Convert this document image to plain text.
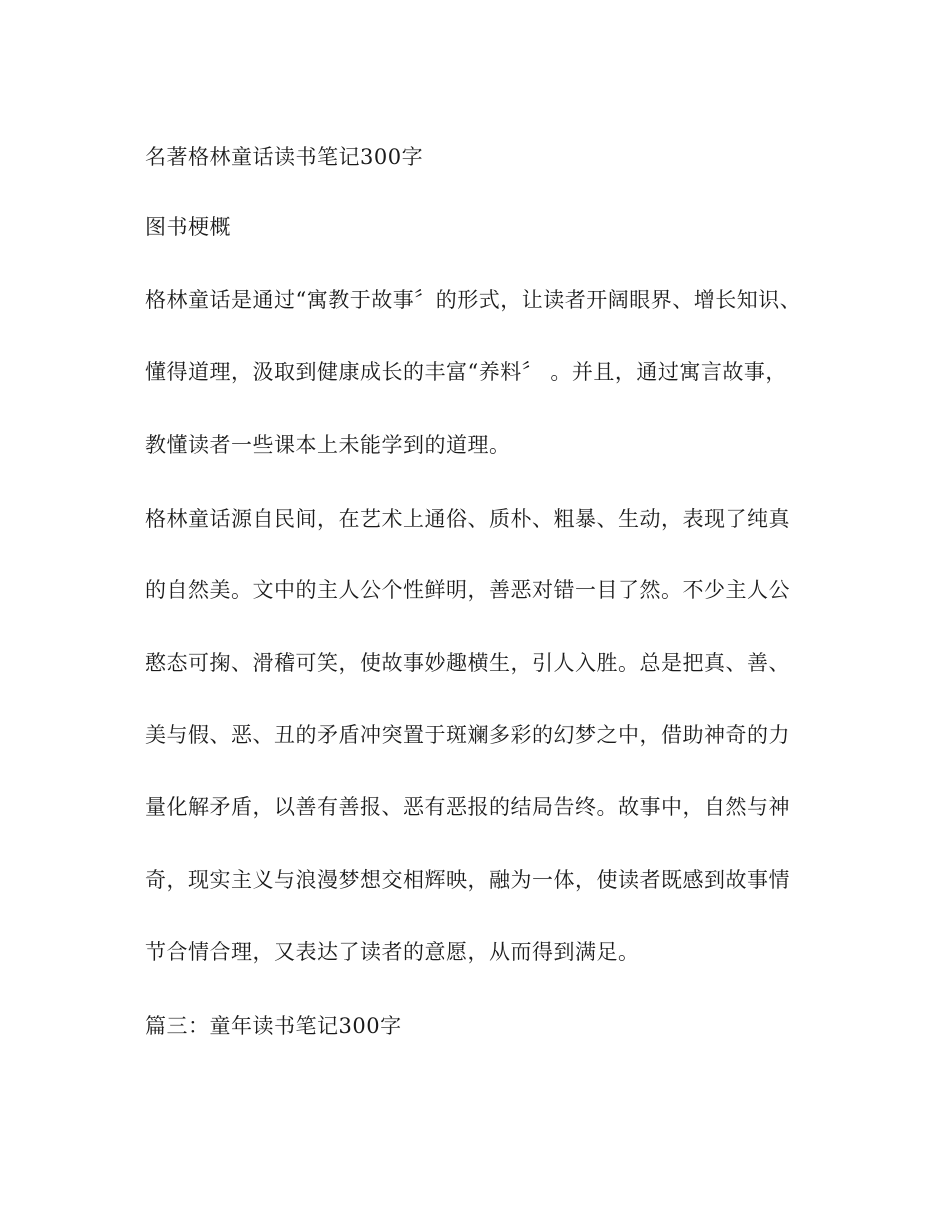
名著格林童话读书笔记300字
图书梗概
格林童话是通过“寓教于故事〞的形式，让读者开阔眼界、增长知识、
懂得道理，汲取到健康成长的丰富“养料〞 。并且，通过寓言故事，
教懂读者一些课本上未能学到的道理。
格林童话源自民间，在艺术上通俗、质朴、粗暴、生动，表现了纯真
的自然美。文中的主人公个性鲜明，善恶对错一目了然。不少主人公
憨态可掬、滑稽可笑，使故事妙趣横生，引人入胜。总是把真、善、
美与假、恶、丑的矛盾冲突置于斑斓多彩的幻梦之中，借助神奇的力
量化解矛盾，以善有善报、恶有恶报的结局告终。故事中，自然与神
奇，现实主义与浪漫梦想交相辉映，融为一体，使读者既感到故事情
节合情合理，又表达了读者的意愿，从而得到满足。
篇三：童年读书笔记300字
